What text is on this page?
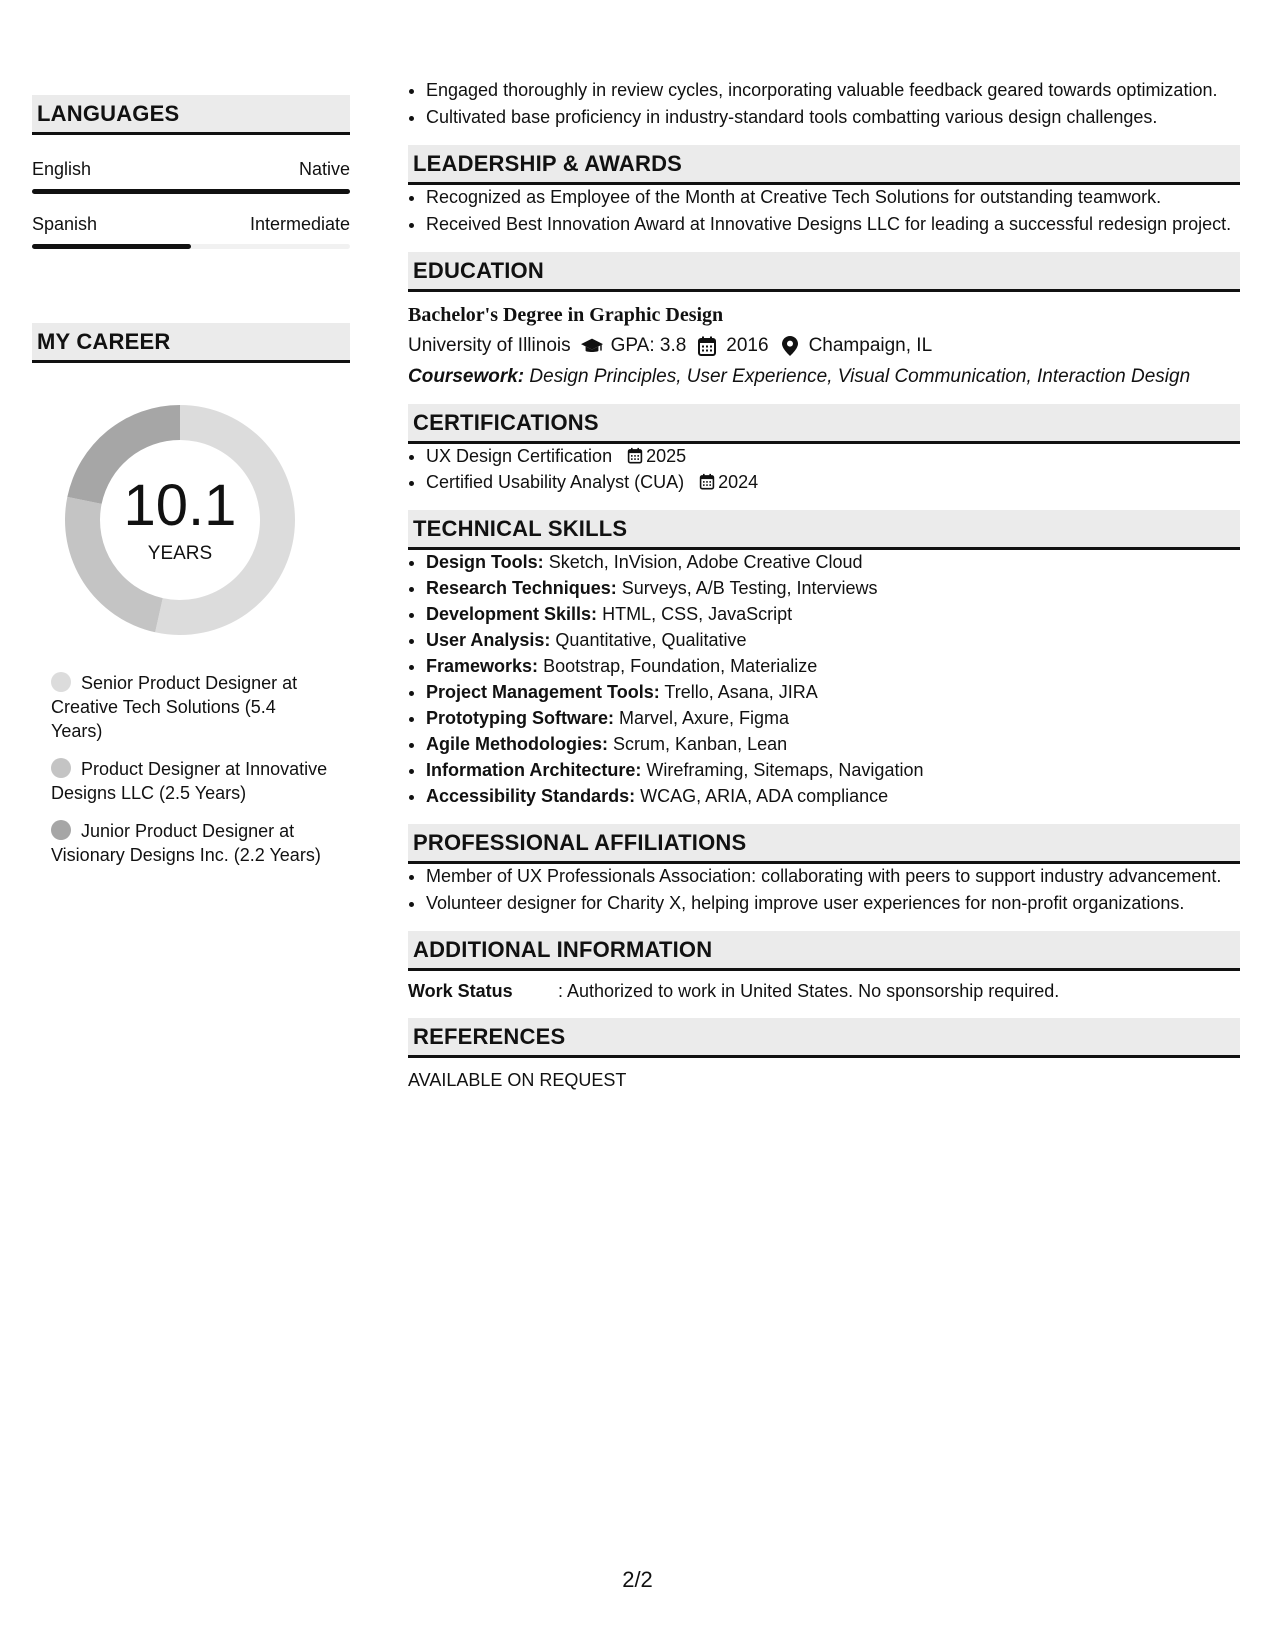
LANGUAGES
English	Native
Spanish	Intermediate
MY CAREER
10.1
YEARS
Senior Product Designer at Creative Tech Solutions (5.4 Years)
Product Designer at Innovative Designs LLC (2.5 Years)
Junior Product Designer at Visionary Designs Inc. (2.2 Years)
• Engaged thoroughly in review cycles, incorporating valuable feedback geared towards optimization.
• Cultivated base proficiency in industry-standard tools combatting various design challenges.
LEADERSHIP & AWARDS
• Recognized as Employee of the Month at Creative Tech Solutions for outstanding teamwork.
• Received Best Innovation Award at Innovative Designs LLC for leading a successful redesign project.
EDUCATION
Bachelor's Degree in Graphic Design
University of Illinois GPA: 3.8 2016 Champaign, IL
Coursework: Design Principles, User Experience, Visual Communication, Interaction Design
CERTIFICATIONS
• UX Design Certification 2025
• Certified Usability Analyst (CUA) 2024
TECHNICAL SKILLS
• Design Tools: Sketch, InVision, Adobe Creative Cloud
• Research Techniques: Surveys, A/B Testing, Interviews
• Development Skills: HTML, CSS, JavaScript
• User Analysis: Quantitative, Qualitative
• Frameworks: Bootstrap, Foundation, Materialize
• Project Management Tools: Trello, Asana, JIRA
• Prototyping Software: Marvel, Axure, Figma
• Agile Methodologies: Scrum, Kanban, Lean
• Information Architecture: Wireframing, Sitemaps, Navigation
• Accessibility Standards: WCAG, ARIA, ADA compliance
PROFESSIONAL AFFILIATIONS
• Member of UX Professionals Association: collaborating with peers to support industry advancement.
• Volunteer designer for Charity X, helping improve user experiences for non-profit organizations.
ADDITIONAL INFORMATION
Work Status	: Authorized to work in United States. No sponsorship required.
REFERENCES
AVAILABLE ON REQUEST
2/2
